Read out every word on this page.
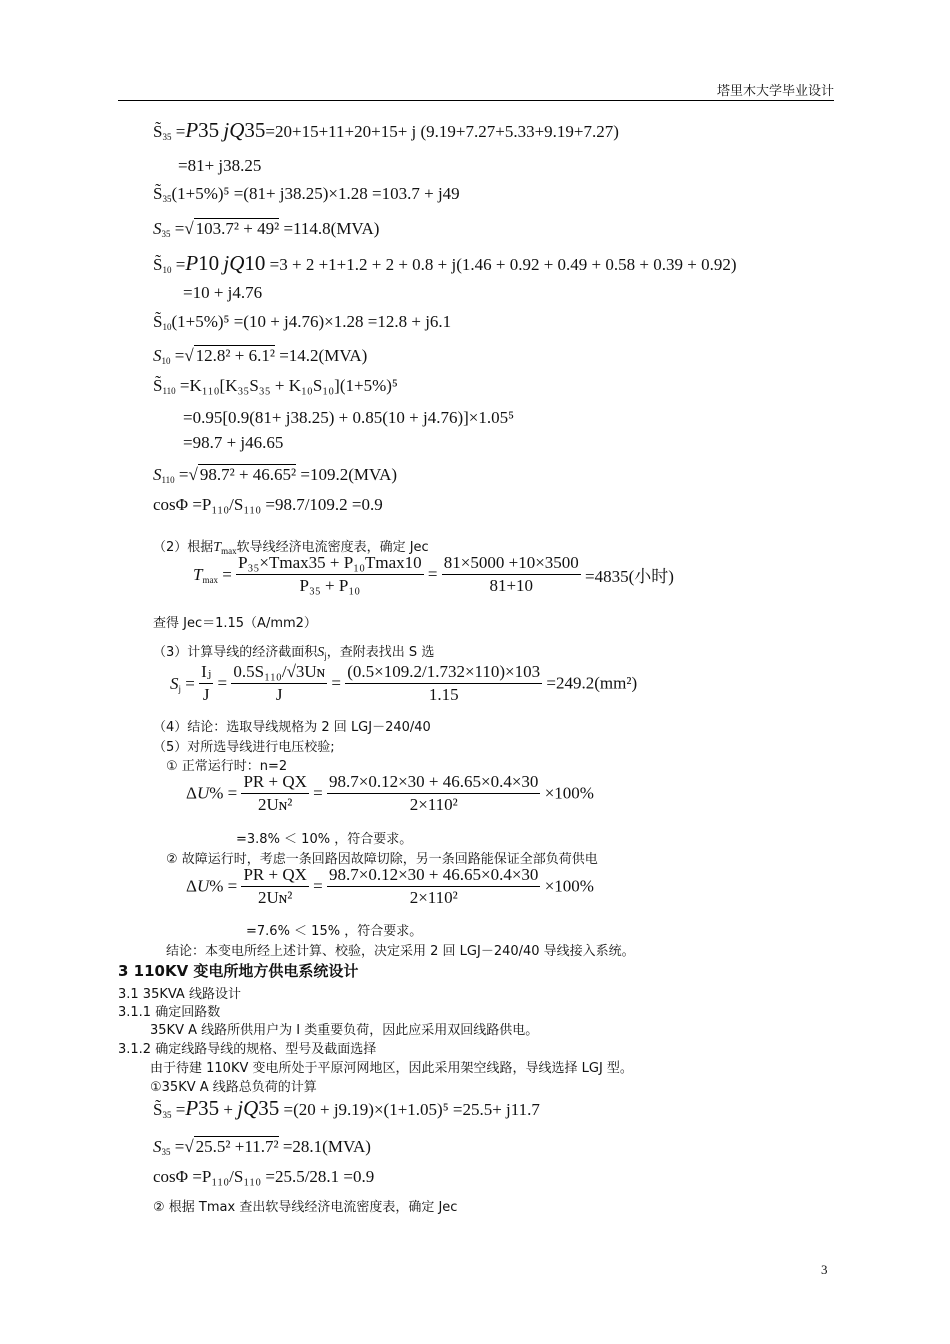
塔里木大学毕业设计
$S̃_{35} =P35$ jQ35=20+15+11+20+15+ j (9.19+7.27+5.33+9.19+7.27)
=81+ j38.25
$S̃_{35}(1+5\%)^5 =(81+ j38.25)\times 1.28 =103.7 + j49$
$S_{35}$ =√ 103.7² + 49² =114.8(MVA)
$S̃_{10} =P10$ jQ10 =3 + 2 +1+1.2 + 2 + 0.8 + j(1.46 + 0.92 + 0.49 + 0.58 + 0.39 + 0.92)
=10 + j4.76
$S̃_{10}(1+5\%)^5 =(10 + j4.76)\times 1.28 =12.8 + j6.1$
$S_{10}$ =√ 12.8² + 6.1² =14.2(MVA)
$S̃_{110} =K_{110}[K_{35}S_{35} + K_{10}S_{10}](1+5\%)^5$
=0.95[0.9(81+ j38.25) + 0.85(10 + j4.76)]×1.05⁵
=98.7 + j46.65
$S_{110}$ =√ 98.7² + 46.65² =109.2(MVA)
cosΦ =P₁₁₀/S₁₁₀ =98.7/109.2 =0.9
（2）根据$T_{max}$软导线经济电流密度表，确定 Jec
$T_{max} = \frac{\text{P₃₅×Tmax35 + P₁₀Tmax10}}{\text{P₃₅ + P₁₀}} = \frac{81\times 5000 +10\times 3500}{81+10} =4835$(小时)
查得 Jec＝1.15（A/mm2）
（3）计算导线的经济截面积$S_j$，查附表找出 S 选
$S_j = \frac{\text{Iⱼ}}{J} = \frac{\text{0.5S₁₁₀/√3Uɴ}}{J} = \frac{(0.5\times 109.2/1.732\times 110)\times 103}{1.15} =249.2(mm^2)$
（4）结论：选取导线规格为 2 回 LGJ－240/40
（5）对所选导线进行电压校验;
① 正常运行时：n=2
$\Delta U\% = \frac{PR + QX}{\text{2Uɴ²}} = \frac{98.7\times 0.12\times 30 + 46.65\times 0.4\times 30}{\text{2×110²}} \times 100\%$
=3.8% ＜ 10% ，符合要求。
② 故障运行时，考虑一条回路因故障切除，另一条回路能保证全部负荷供电
$\Delta U\% = \frac{PR + QX}{\text{2Uɴ²}} = \frac{98.7\times 0.12\times 30 + 46.65\times 0.4\times 30}{\text{2×110²}} \times 100\%$
=7.6% ＜ 15% ，符合要求。
结论：本变电所经上述计算、校验，决定采用 2 回 LGJ－240/40 导线接入系统。
3 110KV 变电所地方供电系统设计
3.1 35KVA 线路设计
3.1.1 确定回路数
35KV A 线路所供用户为 I 类重要负荷，因此应采用双回线路供电。
3.1.2 确定线路导线的规格、型号及截面选择
由于待建 110KV 变电所处于平原河网地区，因此采用架空线路，导线选择 LGJ 型。
①35KV A 线路总负荷的计算
$S̃_{35} =P35 + jQ35 =(20 + j9.19)\times(1+1.05)^5 =25.5+ j11.7$
$S_{35}$ =√ 25.5² +11.7² =28.1(MVA)
cosΦ =P₁₁₀/S₁₁₀ =25.5/28.1 =0.9
② 根据 Tmax 查出软导线经济电流密度表，确定 Jec
3
